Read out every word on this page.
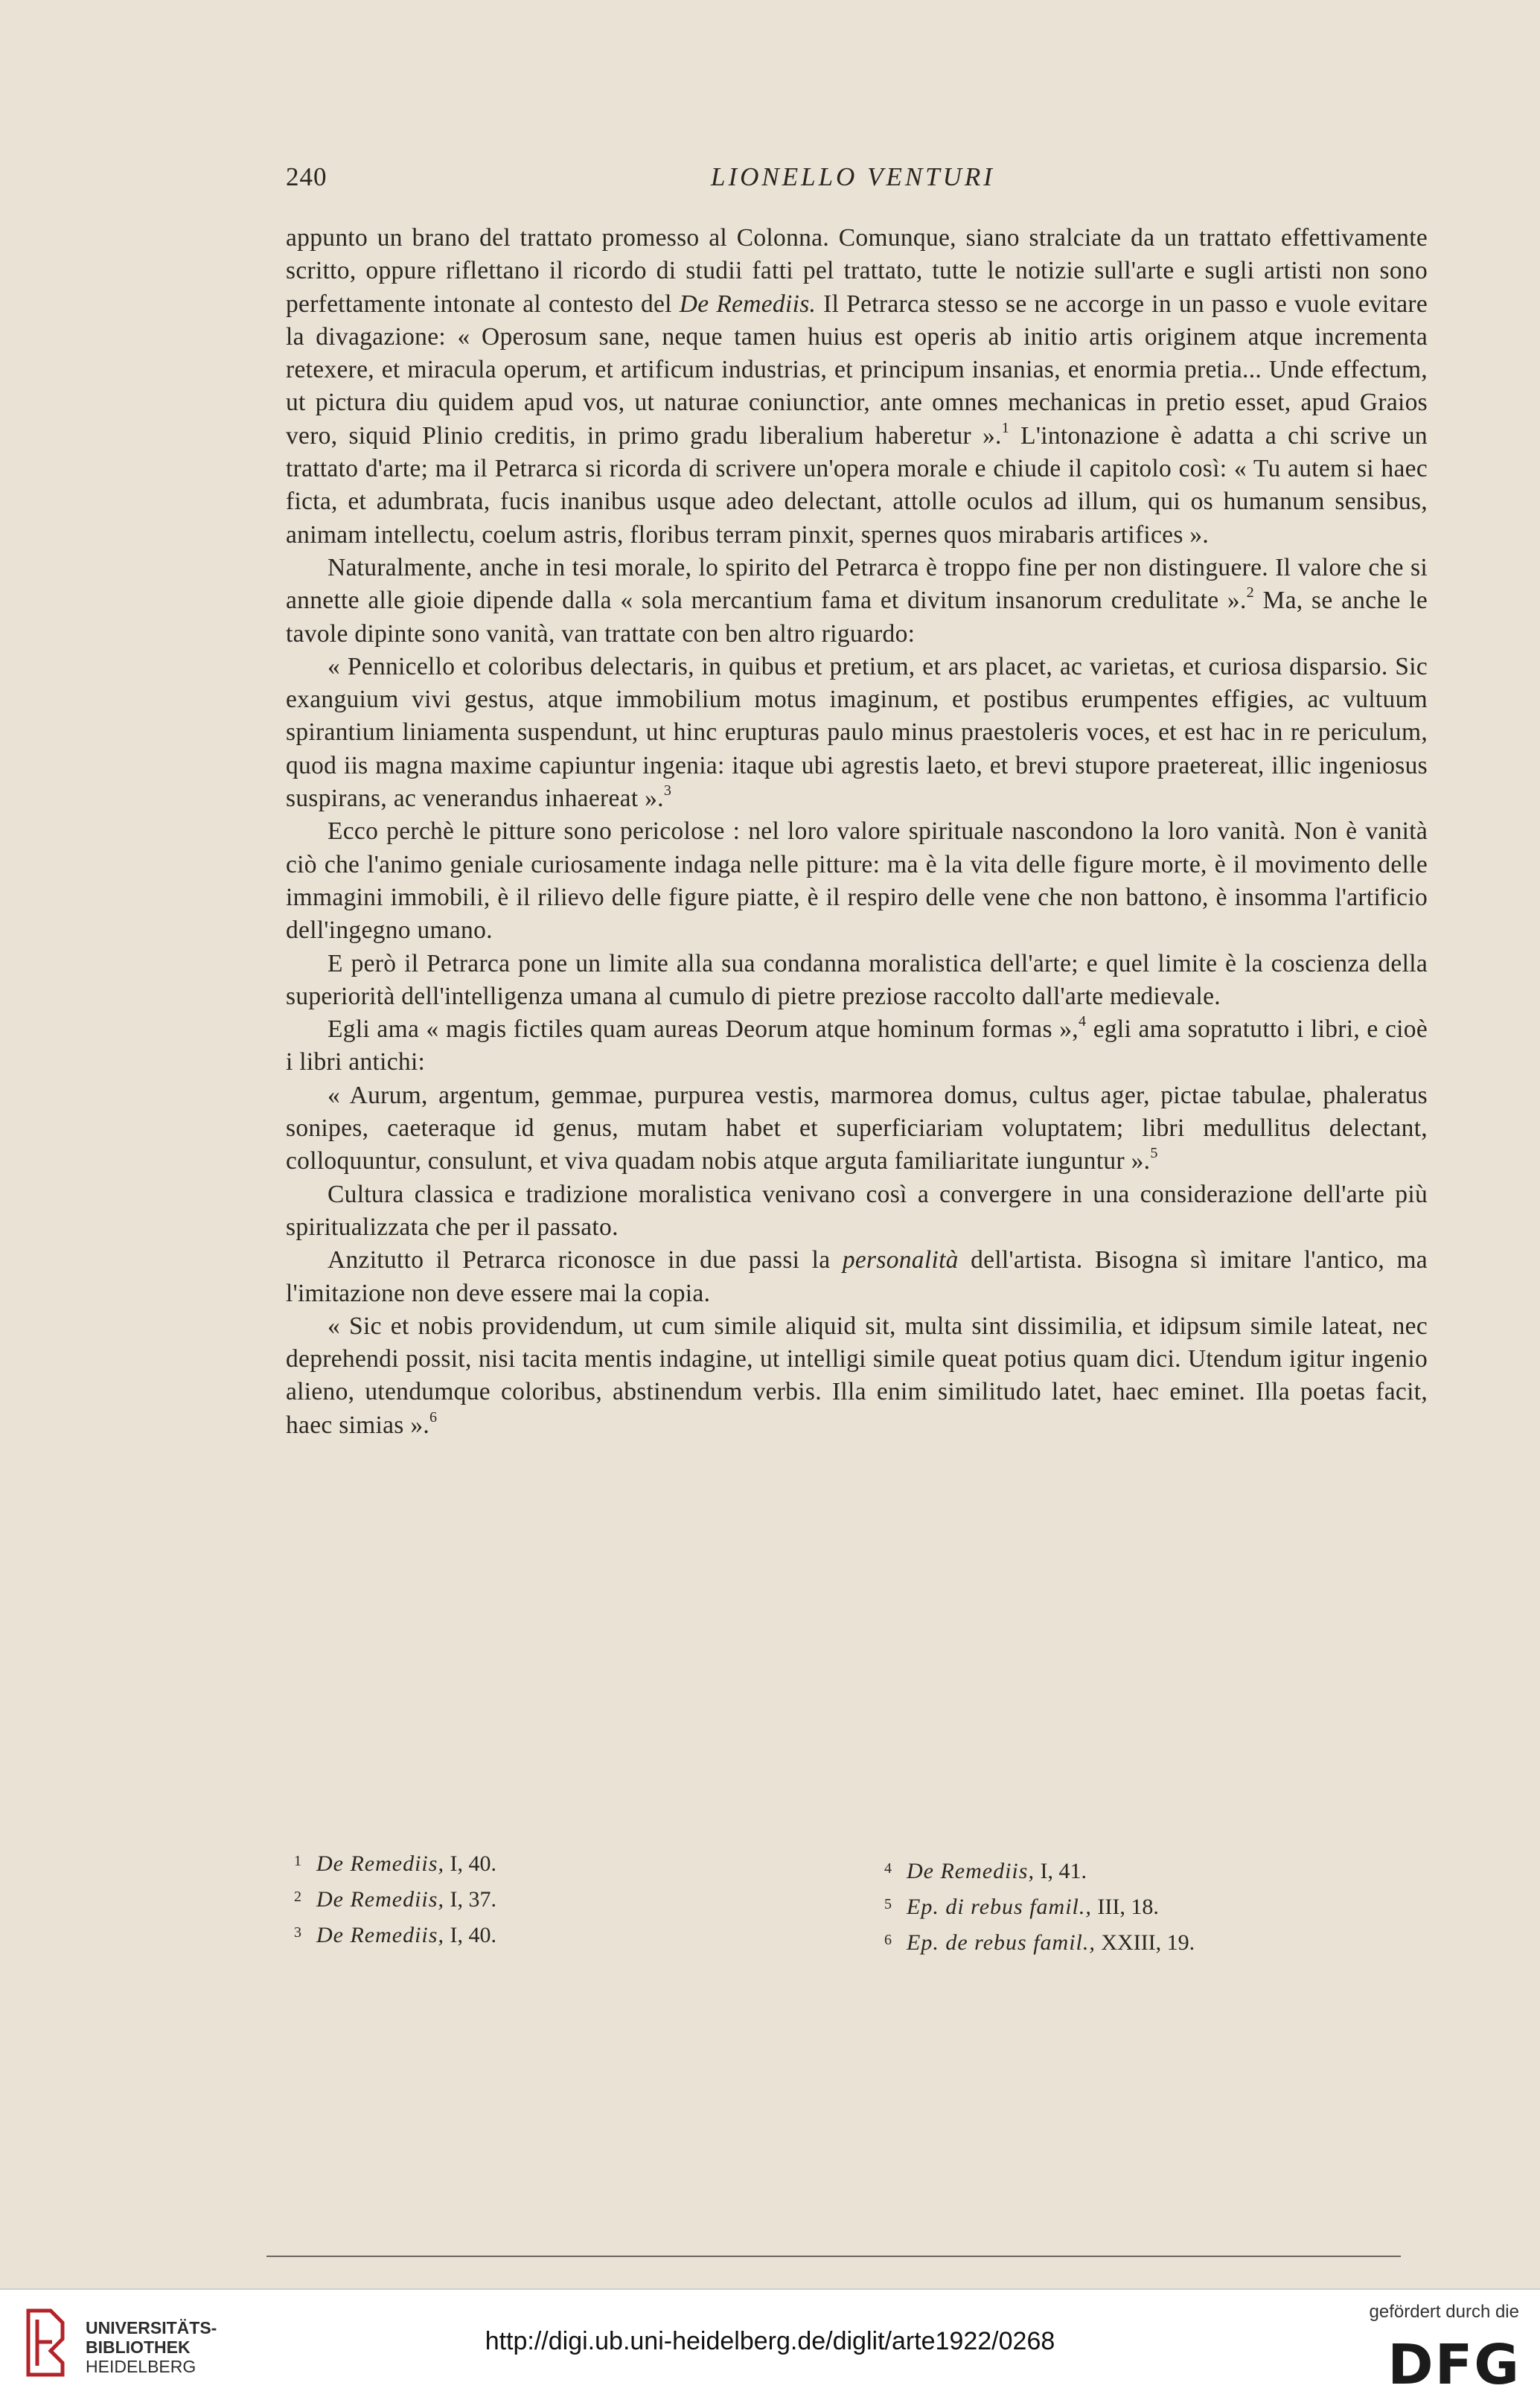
240	LIONELLO VENTURI

appunto un brano del trattato promesso al Colonna. Comunque, siano stralciate da un trattato effettivamente scritto, oppure riflettano il ricordo di studii fatti pel trattato, tutte le notizie sull'arte e sugli artisti non sono perfettamente intonate al contesto del De Remediis. Il Petrarca stesso se ne accorge in un passo e vuole evitare la divagazione: « Operosum sane, neque tamen huius est operis ab initio artis originem atque incrementa retexere, et miracula operum, et artificum industrias, et principum insanias, et enormia pretia... Unde effectum, ut pictura diu quidem apud vos, ut naturae coniunctior, ante omnes mechanicas in pretio esset, apud Graios vero, siquid Plinio creditis, in primo gradu liberalium haberetur ».$^1$ L'intonazione è adatta a chi scrive un trattato d'arte; ma il Petrarca si ricorda di scrivere un'opera morale e chiude il capitolo così: « Tu autem si haec ficta, et adumbrata, fucis inanibus usque adeo delectant, attolle oculos ad illum, qui os humanum sensibus, animam intellectu, coelum astris, floribus terram pinxit, spernes quos mirabaris artifices ».

Naturalmente, anche in tesi morale, lo spirito del Petrarca è troppo fine per non distinguere. Il valore che si annette alle gioie dipende dalla « sola mercantium fama et divitum insanorum credulitate ».$^2$ Ma, se anche le tavole dipinte sono vanità, van trattate con ben altro riguardo:

« Pennicello et coloribus delectaris, in quibus et pretium, et ars placet, ac varietas, et curiosa disparsio. Sic exanguium vivi gestus, atque immobilium motus imaginum, et postibus erumpentes effigies, ac vultuum spirantium liniamenta suspendunt, ut hinc erupturas paulo minus praestoleris voces, et est hac in re periculum, quod iis magna maxime capiuntur ingenia: itaque ubi agrestis laeto, et brevi stupore praetereat, illic ingeniosus suspirans, ac venerandus inhaereat ».$^3$

Ecco perchè le pitture sono pericolose : nel loro valore spirituale nascondono la loro vanità. Non è vanità ciò che l'animo geniale curiosamente indaga nelle pitture: ma è la vita delle figure morte, è il movimento delle immagini immobili, è il rilievo delle figure piatte, è il respiro delle vene che non battono, è insomma l'artificio dell'ingegno umano.

E però il Petrarca pone un limite alla sua condanna moralistica dell'arte; e quel limite è la coscienza della superiorità dell'intelligenza umana al cumulo di pietre preziose raccolto dall'arte medievale.

Egli ama « magis fictiles quam aureas Deorum atque hominum formas »,$^4$ egli ama sopratutto i libri, e cioè i libri antichi:

« Aurum, argentum, gemmae, purpurea vestis, marmorea domus, cultus ager, pictae tabulae, phaleratus sonipes, caeteraque id genus, mutam habet et superficiariam voluptatem; libri medullitus delectant, colloquuntur, consulunt, et viva quadam nobis atque arguta familiaritate iunguntur ».$^5$

Cultura classica e tradizione moralistica venivano così a convergere in una considerazione dell'arte più spiritualizzata che per il passato.

Anzitutto il Petrarca riconosce in due passi la personalità dell'artista. Bisogna sì imitare l'antico, ma l'imitazione non deve essere mai la copia.

« Sic et nobis providendum, ut cum simile aliquid sit, multa sint dissimilia, et idipsum simile lateat, nec deprehendi possit, nisi tacita mentis indagine, ut intelligi simile queat potius quam dici. Utendum igitur ingenio alieno, utendumque coloribus, abstinendum verbis. Illa enim similitudo latet, haec eminet. Illa poetas facit, haec simias ».$^6$

1 De Remediis, I, 40.
2 De Remediis, I, 37.
3 De Remediis, I, 40.
4 De Remediis, I, 41.
5 Ep. di rebus famil., III, 18.
6 Ep. de rebus famil., XXIII, 19.
UNIVERSITÄTS-
BIBLIOTHEK
HEIDELBERG
http://digi.ub.uni-heidelberg.de/diglit/arte1922/0268
gefördert durch die
DFG
